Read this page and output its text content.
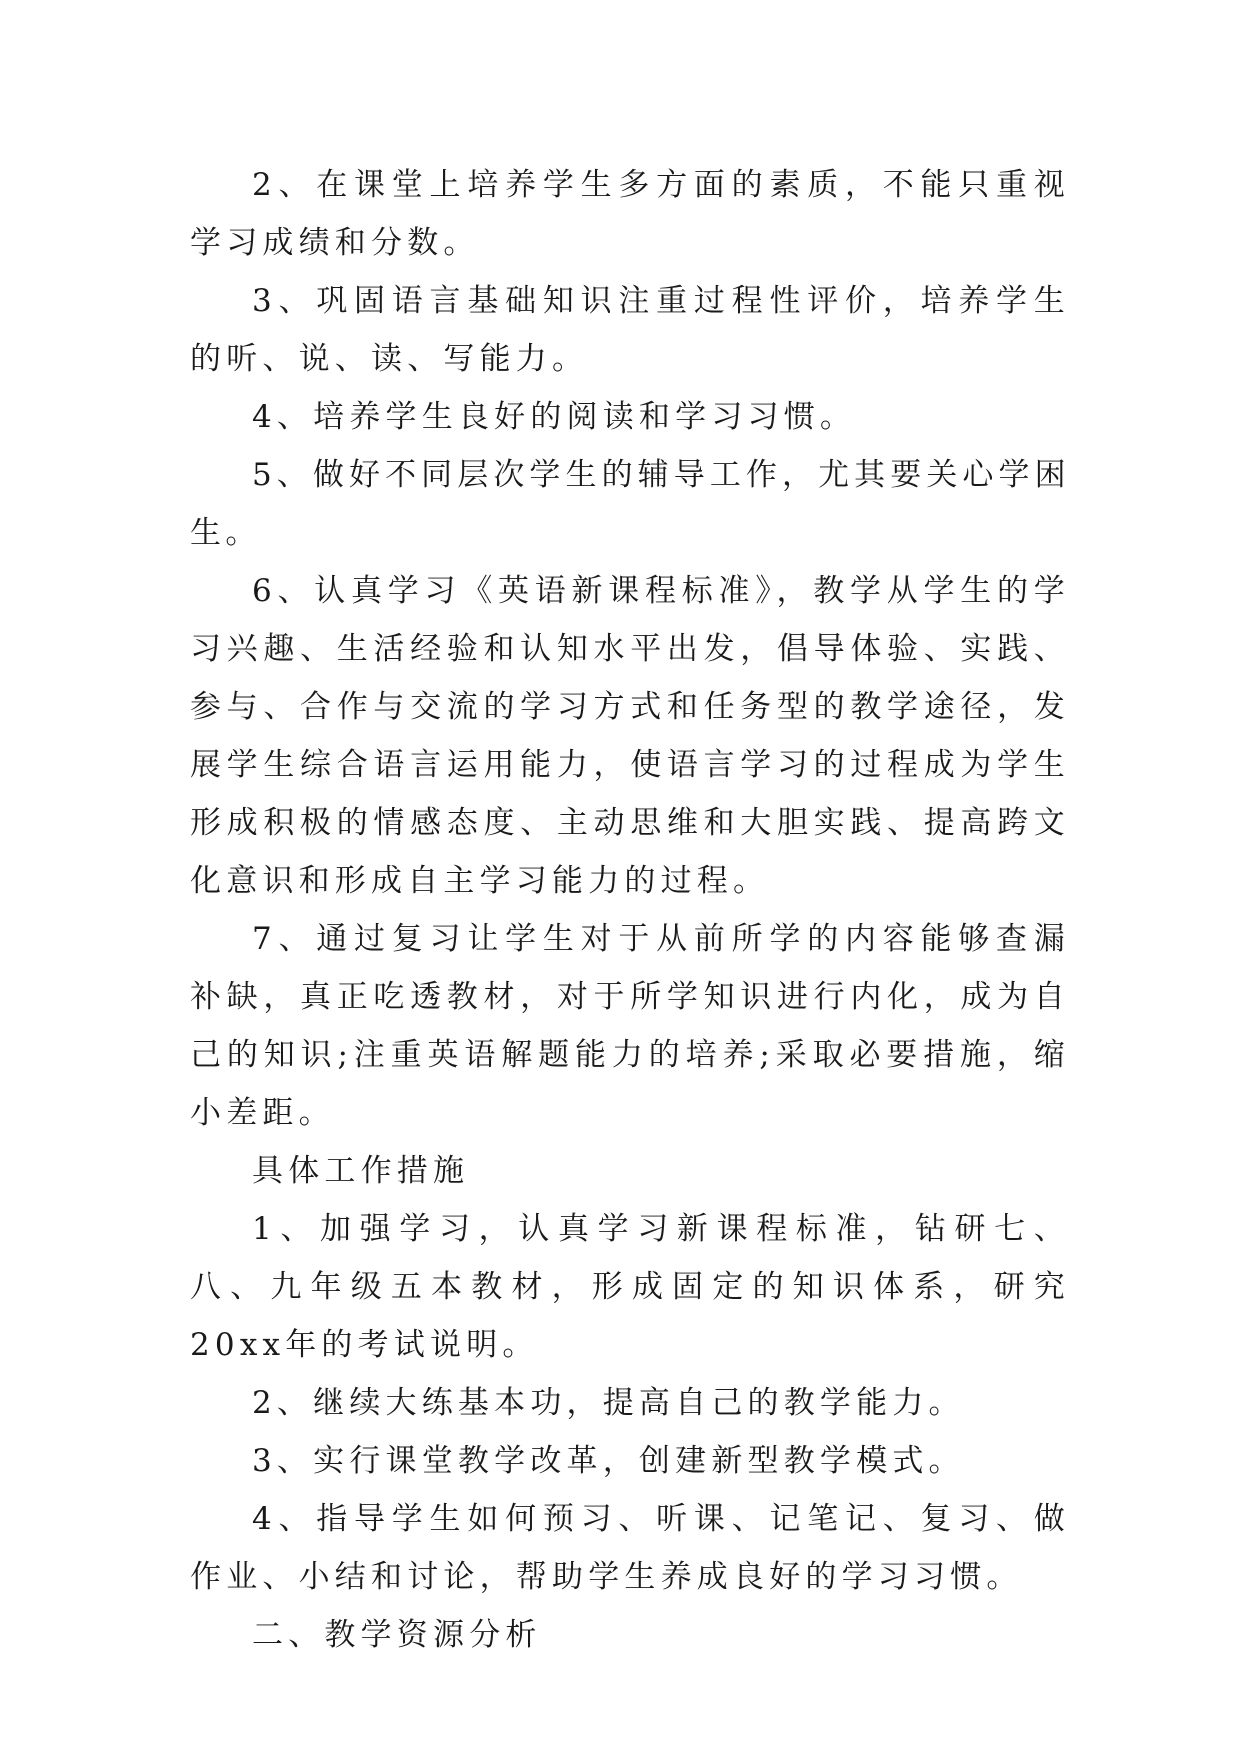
2、在课堂上培养学生多方面的素质，不能只重视学习成绩和分数。

3、巩固语言基础知识注重过程性评价，培养学生的听、说、读、写能力。

4、培养学生良好的阅读和学习习惯。

5、做好不同层次学生的辅导工作，尤其要关心学困生。

6、认真学习《英语新课程标准》，教学从学生的学习兴趣、生活经验和认知水平出发，倡导体验、实践、参与、合作与交流的学习方式和任务型的教学途径，发展学生综合语言运用能力，使语言学习的过程成为学生形成积极的情感态度、主动思维和大胆实践、提高跨文化意识和形成自主学习能力的过程。

7、通过复习让学生对于从前所学的内容能够查漏补缺，真正吃透教材，对于所学知识进行内化，成为自己的知识;注重英语解题能力的培养;采取必要措施，缩小差距。

具体工作措施

1、加强学习，认真学习新课程标准，钻研七、八、九年级五本教材，形成固定的知识体系，研究20xx年的考试说明。

2、继续大练基本功，提高自己的教学能力。

3、实行课堂教学改革，创建新型教学模式。

4、指导学生如何预习、听课、记笔记、复习、做作业、小结和讨论，帮助学生养成良好的学习习惯。

二、教学资源分析
